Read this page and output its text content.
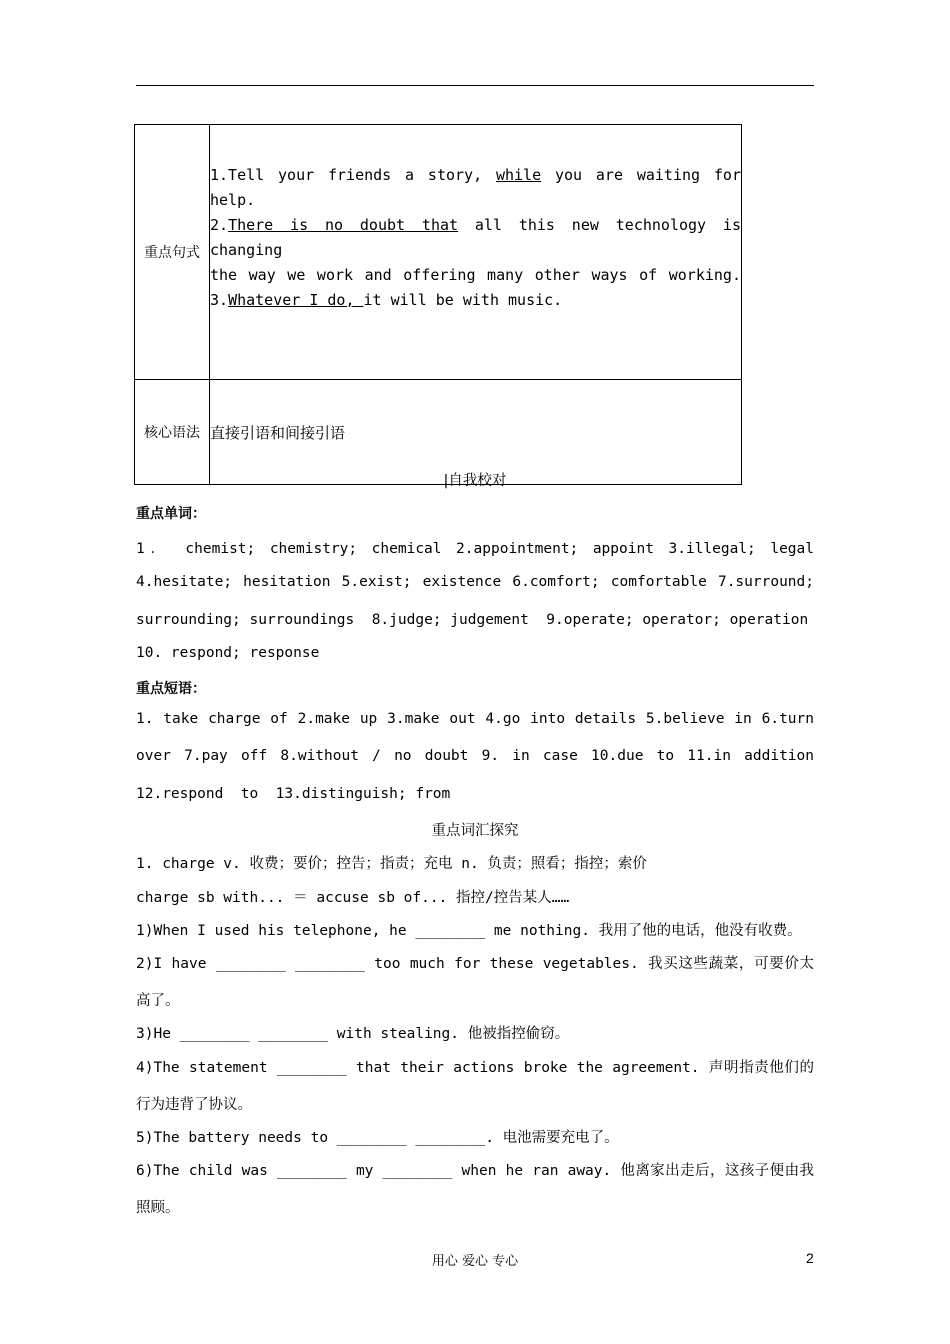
重点句式	1.Tell your friends a story, while you are waiting for help.
2.There is no doubt that all this new technology is changing
the way we work and offering many other ways of working.
3.Whatever I do, it will be with music.

核心语法	直接引语和间接引语
|自我校对
重点单词：
1． chemist; chemistry; chemical 2.appointment; appoint 3.illegal; legal
4.hesitate; hesitation 5.exist; existence 6.comfort; comfortable 7.surround;
surrounding; surroundings  8.judge; judgement  9.operate; operator; operation
10. respond; response
重点短语：
1. take charge of 2.make up 3.make out 4.go into details 5.believe in 6.turn
over 7.pay off 8.without / no doubt 9. in case 10.due to 11.in addition
12.respond  to  13.distinguish; from
重点词汇探究
1. charge v. 收费；要价；控告；指责；充电 n. 负责；照看；指控；索价
charge sb with... ＝ accuse sb of... 指控/控告某人……
1)When I used his telephone, he ________ me nothing. 我用了他的电话，他没有收费。
2)I have ________ ________ too much for these vegetables. 我买这些蔬菜，可要价太
高了。
3)He ________ ________ with stealing. 他被指控偷窃。
4)The statement ________ that their actions broke the agreement. 声明指责他们的
行为违背了协议。
5)The battery needs to ________ ________. 电池需要充电了。
6)The child was ________ my ________ when he ran away. 他离家出走后，这孩子便由我
照顾。
用心 爱心 专心	2
